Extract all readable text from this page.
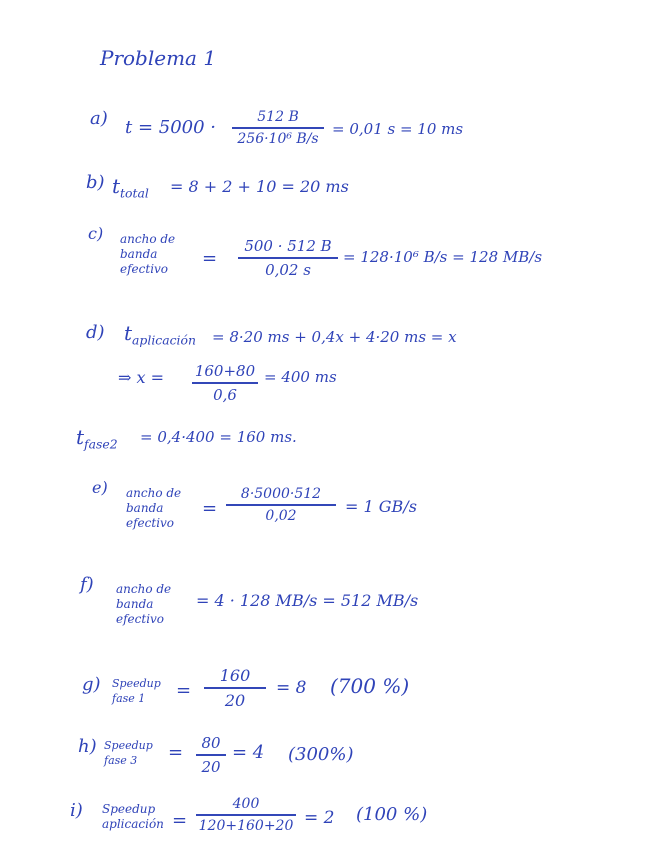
Problema 1
a) t = 5000 ·	512 B
256·10⁶ B/s
= 0,01 s = 10 ms
b) $t_{total} = 8 + 2 + 10 = 20$ ms
c) ancho de
banda
efectivo	=
500 · 512 B
0,02 s
= 128·10⁶ B/s = 128 MB/s
d) $t_{aplicación} = 8\cdot 20$ ms + 0,4x + 4·20 ms = x
⇒ x = 160+80
0,6
= 400 ms
$t_{fase2} = 0,4\cdot 400 = 160$ ms.
e) ancho de
banda
efectivo
=
8·5000·512
0,02	= 1 GB/s
f) ancho de
banda
efectivo
= 4 · 128 MB/s = 512 MB/s
g) Speedup
fase 1	=
160
20
= 8 (700 %)
h) Speedup
fase 3	=	80
20
= 4 (300%)
i) Speedup
aplicación =
400
120+160+20 = 2 (100 %)
